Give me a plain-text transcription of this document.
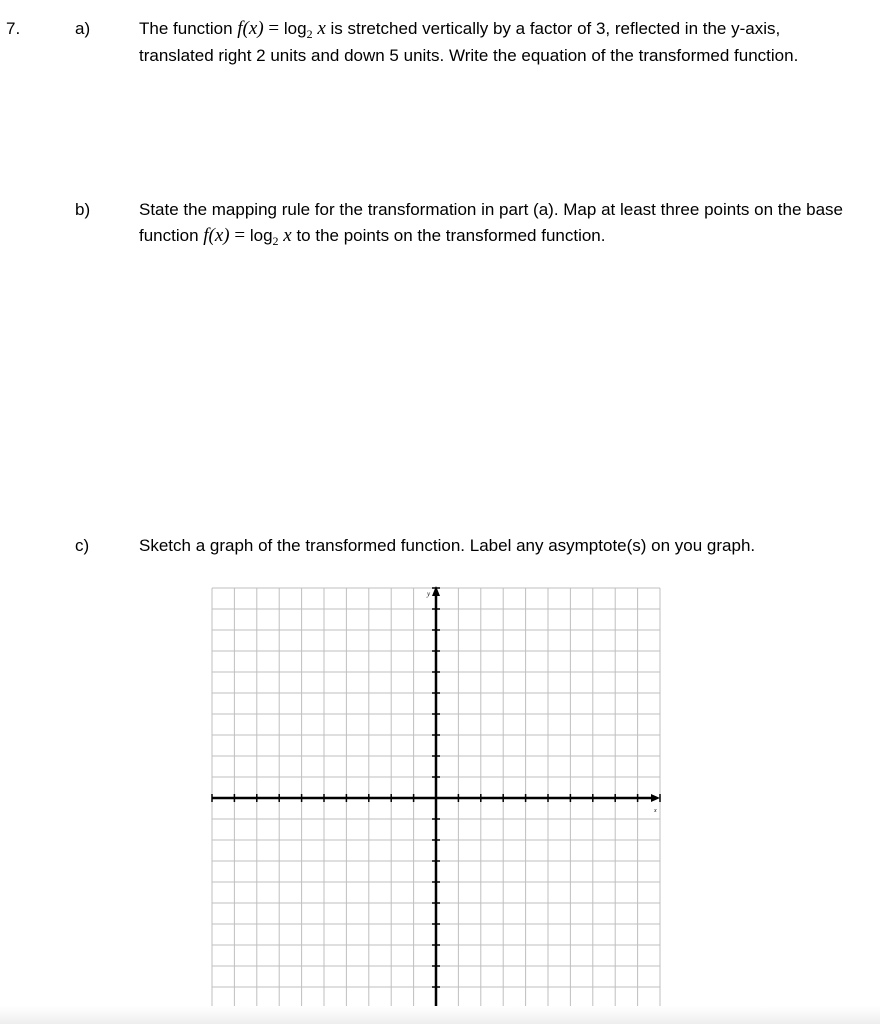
7.	a)	The function $f(x) = \log_2 x$ is stretched vertically by a factor of 3, reflected in the y-axis, translated right 2 units and down 5 units. Write the equation of the transformed function.
b)	State the mapping rule for the transformation in part (a). Map at least three points on the base function $f(x) = \log_2 x$ to the points on the transformed function.
c)	Sketch a graph of the transformed function. Label any asymptote(s) on you graph.
x
y
